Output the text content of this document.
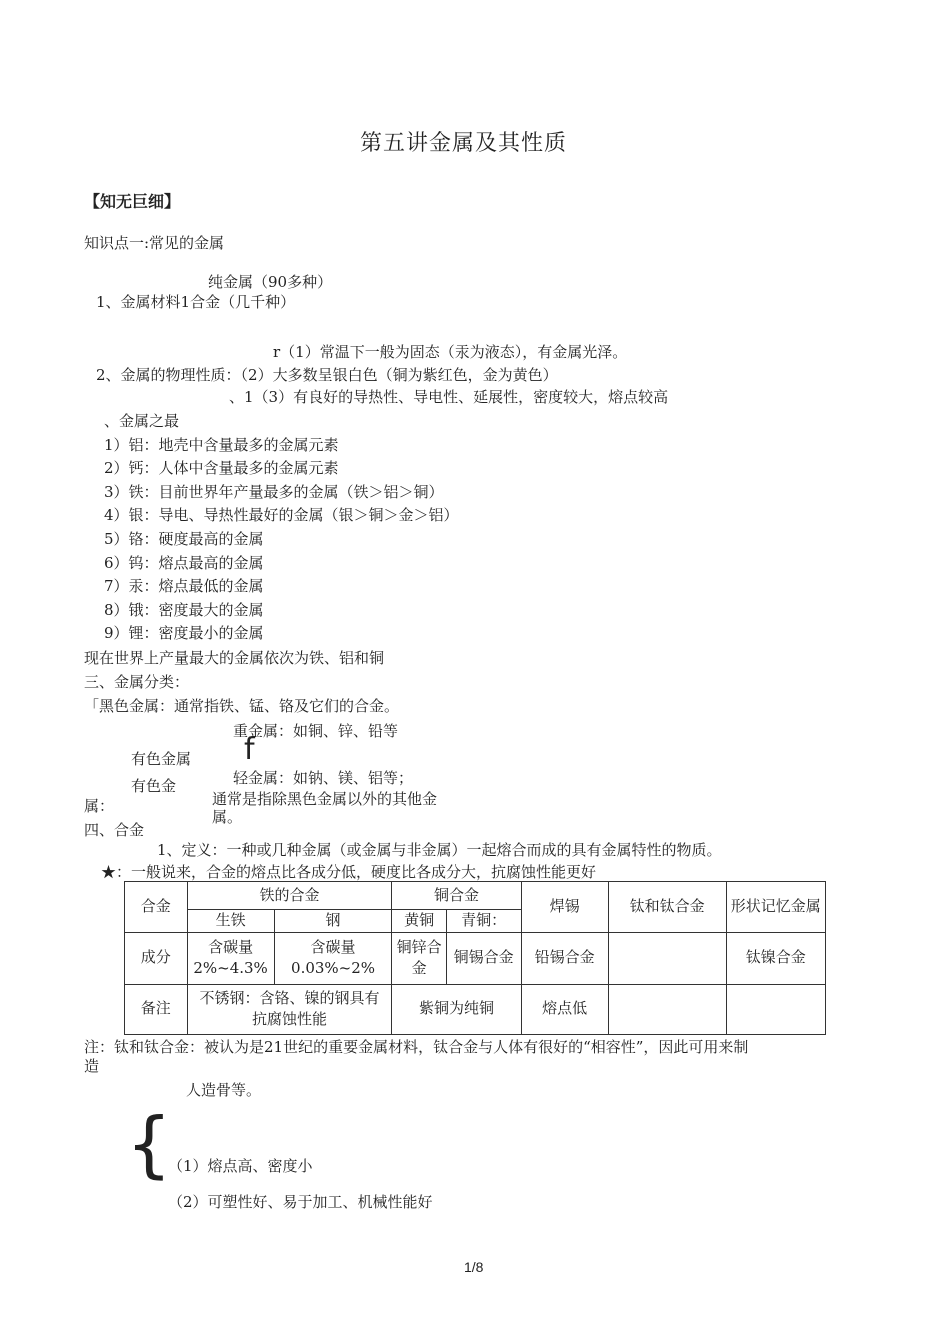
第五讲金属及其性质
【知无巨细】
知识点一:常见的金属
纯金属（90多种）
1、金属材料1合金（几千种）
r（1）常温下一般为固态（汞为液态），有金属光泽。
2、金属的物理性质：（2）大多数呈银白色（铜为紫红色，金为黄色）
、1（3）有良好的导热性、导电性、延展性，密度较大，熔点较高
、金属之最
1）铝：地壳中含量最多的金属元素
2）钙：人体中含量最多的金属元素
3）铁：目前世界年产量最多的金属（铁＞铝＞铜）
4）银：导电、导热性最好的金属（银＞铜＞金＞铝）
5）铬：硬度最高的金属
6）钨：熔点最高的金属
7）汞：熔点最低的金属
8）锇：密度最大的金属
9）锂：密度最小的金属
现在世界上产量最大的金属依次为铁、铝和铜
三、金属分类：
「黑色金属：通常指铁、锰、铬及它们的合金。
重金属：如铜、锌、铅等
有色金属 f
有色金	轻金属：如钠、镁、铝等；
属：	通常是指除黑色金属以外的其他金
属。
四、合金
1、定义：一种或几种金属（或金属与非金属）一起熔合而成的具有金属特性的物质。
★：一般说来，合金的熔点比各成分低，硬度比各成分大，抗腐蚀性能更好
合金	铁的合金		铜合金		焊锡	钛和钛合金	形状记忆金属
	生铁	钢	黄铜	青铜：			
成分	含碳量 2%~4.3%	含碳量 0.03%~2%	铜锌合金	铜锡合金	铅锡合金		钛镍合金
备注	不锈钢：含铬、镍的钢具有抗腐蚀性能		紫铜为纯铜		熔点低		
注：钛和钛合金：被认为是21世纪的重要金属材料，钛合金与人体有很好的“相容性”，因此可用来制
造
人造骨等。
{
（1）熔点高、密度小
（2）可塑性好、易于加工、机械性能好
1/8
